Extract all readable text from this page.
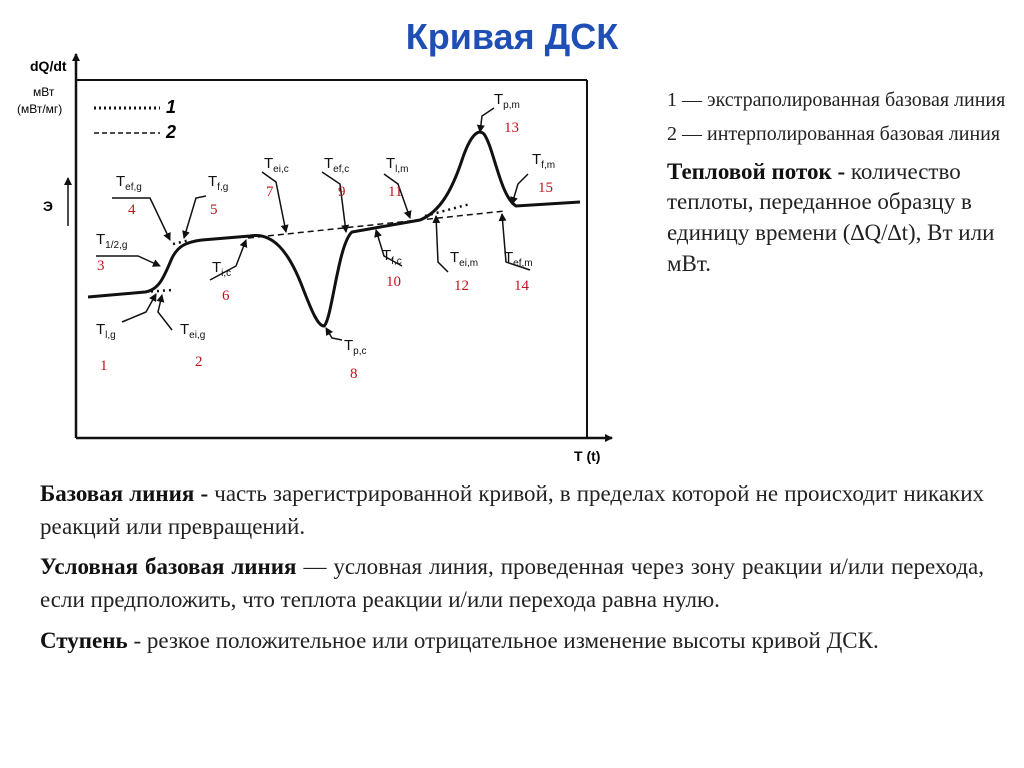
Кривая ДСК
dQ/dt
мВт
(мВт/мг)
Э
T (t)
1
2
$T_{l,g}$
1
$T_{ei,g}$
2
$T_{1/2,g}$
3
$T_{ef,g}$
4
$T_{f,g}$
5
$T_{i,c}$
6
$T_{ei,c}$
7
$T_{p,c}$
8
$T_{ef,c}$
9
$T_{f,c}$
10
$T_{l,m}$
11
$T_{ei,m}$
12
$T_{p,m}$
13
$T_{ef,m}$
14
$T_{f,m}$
15
1 — экстраполированная базовая линия
2 — интерполированная базовая линия
Тепловой поток - количество теплоты, переданное образцу в единицу времени (∆Q/∆t), Вт или мВт.
Базовая линия - часть зарегистрированной кривой, в пределах которой не происходит никаких реакций или превращений.
Условная базовая линия — условная линия, проведенная через зону реакции и/или перехода, если предположить, что теплота реакции и/или перехода равна нулю.
Ступень - резкое положительное или отрицательное изменение высоты кривой ДСК.
